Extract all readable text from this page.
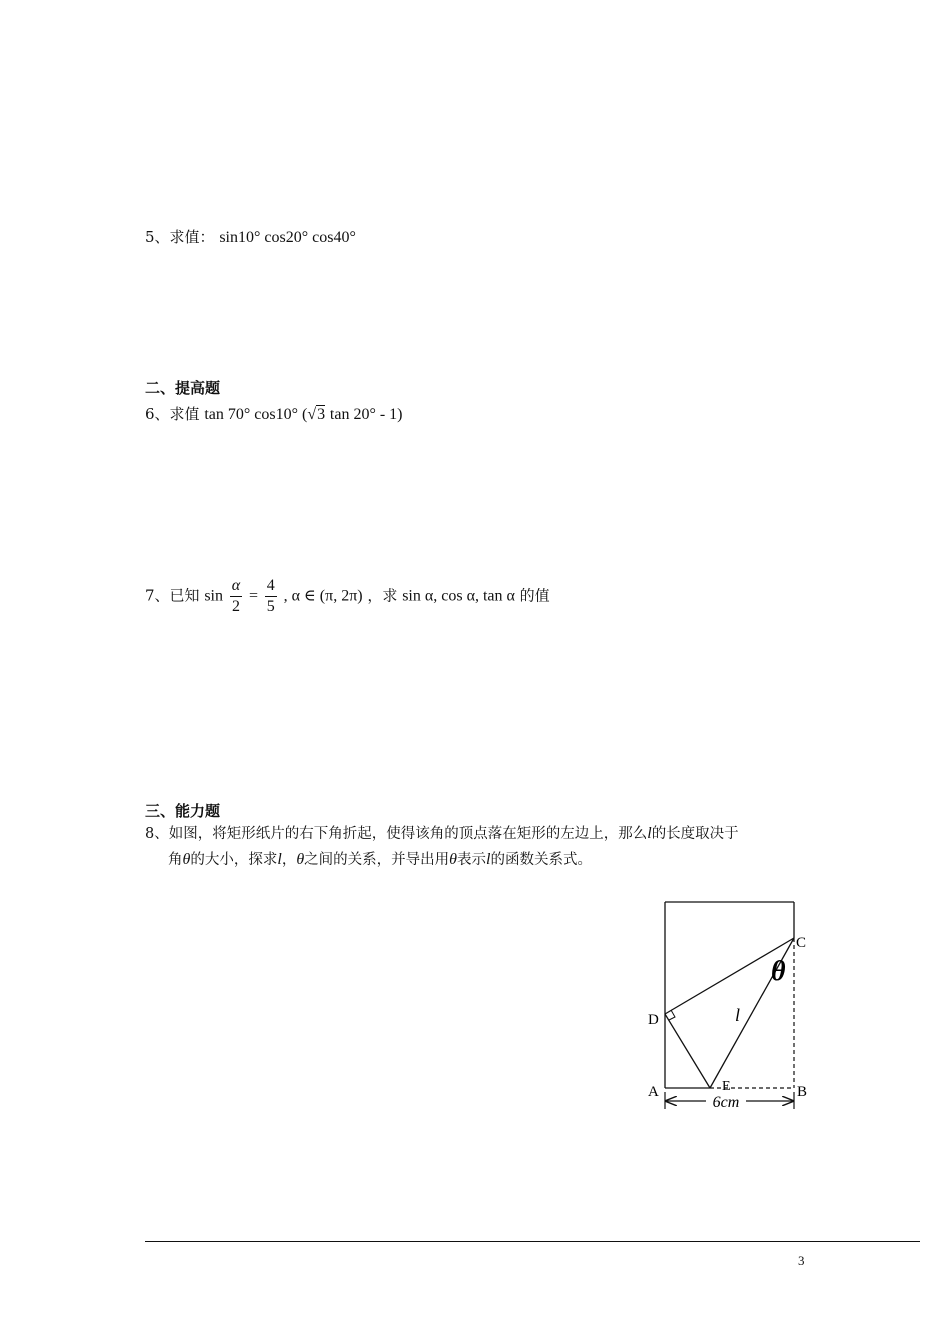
5、求值： sin10° cos20° cos40°
二、提高题
6、求值 tan 70° cos10° (√3 tan 20° - 1)
7、已知 $\sin \frac{\alpha}{2} = \frac{4}{5}$ , α ∈ (π, 2π) ，求 sin α, cos α, tan α 的值
三、能力题
8、如图，将矩形纸片的右下角折起，使得该角的顶点落在矩形的左边上，那么l的长度取决于
角θ的大小，探求l，θ之间的关系，并导出用θ表示l的函数关系式。
6cm
A	B
C
D
E
l
θ
3
